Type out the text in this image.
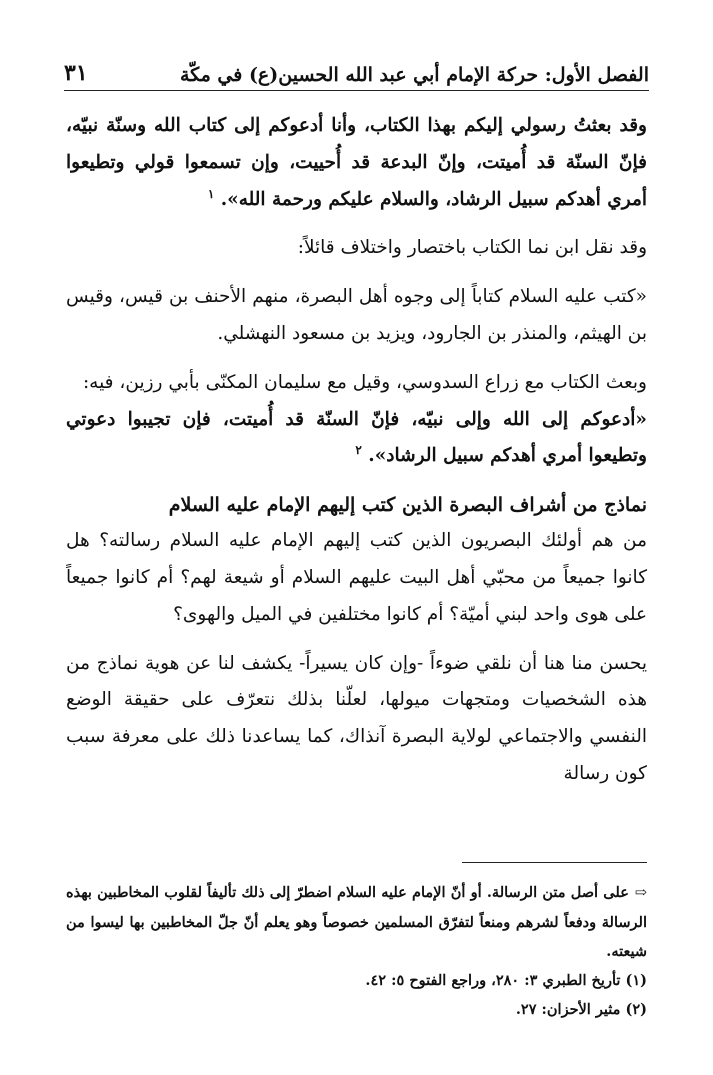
الفصل الأول: حركة الإمام أبي عبد الله الحسين(ع) في مكّة
٣١

وقد بعثتُ رسولي إليكم بهذا الكتاب، وأنا أدعوكم إلى كتاب الله وسنّة نبيّه، فإنّ السنّة قد أُميتت، وإنّ البدعة قد أُحييت، وإن تسمعوا قولي وتطيعوا أمري أهدكم سبيل الرشاد، والسلام عليكم ورحمة الله». $^١$

وقد نقل ابن نما الكتاب باختصار واختلاف قائلاً:

«كتب عليه السلام كتاباً إلى وجوه أهل البصرة، منهم الأحنف بن قيس، وقيس بن الهيثم، والمنذر بن الجارود، ويزيد بن مسعود النهشلي.

وبعث الكتاب مع زراع السدوسي، وقيل مع سليمان المكنّى بأبي رزين، فيه:

«أدعوكم إلى الله وإلى نبيّه، فإنّ السنّة قد أُميتت، فإن تجيبوا دعوتي وتطيعوا أمري أهدكم سبيل الرشاد». $^٢$

نماذج من أشراف البصرة الذين كتب إليهم الإمام عليه السلام

من هم أولئك البصريون الذين كتب إليهم الإمام عليه السلام رسالته؟ هل كانوا جميعاً من محبّي أهل البيت عليهم السلام أو شيعة لهم؟ أم كانوا جميعاً على هوى واحد لبني أميّة؟ أم كانوا مختلفين في الميل والهوى؟

يحسن منا هنا أن نلقي ضوءاً -وإن كان يسيراً- يكشف لنا عن هوية نماذج من هذه الشخصيات ومتجهات ميولها، لعلّنا بذلك نتعرّف على حقيقة الوضع النفسي والاجتماعي لولاية البصرة آنذاك، كما يساعدنا ذلك على معرفة سبب كون رسالة

⇨على أصل متن الرسالة. أو أنّ الإمام عليه السلام اضطرّ إلى ذلك تأليفاً لقلوب المخاطبين بهذه الرسالة ودفعاً لشرهم ومنعاً لتفرّق المسلمين خصوصاً وهو يعلم أنّ جلّ المخاطبين بها ليسوا من شيعته.

(١) تأريخ الطبري ٣: ٢٨٠، وراجع الفتوح ٥: ٤٢.

(٢) مثير الأحزان: ٢٧.
